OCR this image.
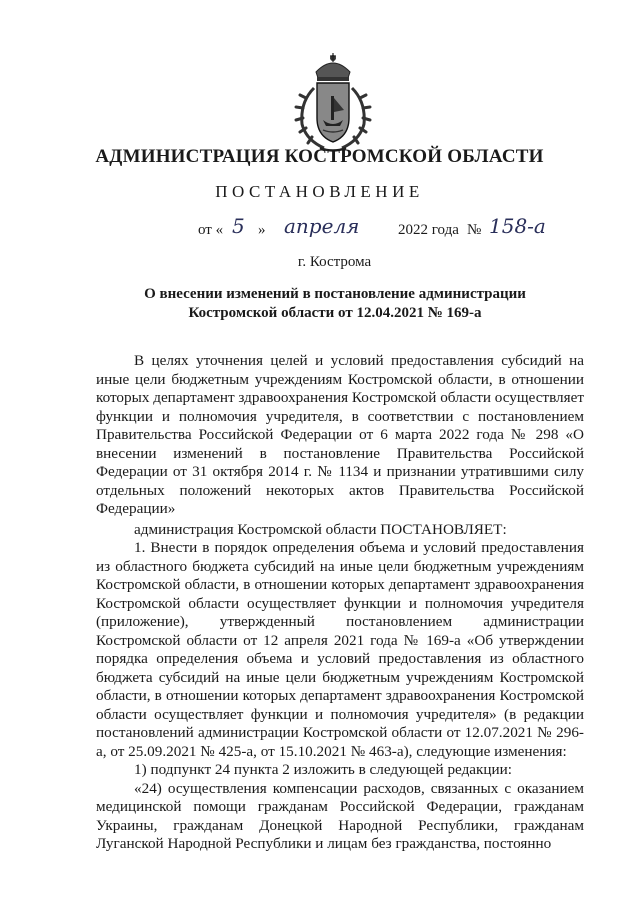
АДМИНИСТРАЦИЯ КОСТРОМСКОЙ ОБЛАСТИ
ПОСТАНОВЛЕНИЕ
от « 5 » апреля	2022 года № 158-а
г. Кострома
О внесении изменений в постановление администрации
Костромской области от 12.04.2021 № 169-а

В целях уточнения целей и условий предоставления субсидий на иные цели бюджетным учреждениям Костромской области, в отношении которых департамент здравоохранения Костромской области осуществляет функции и полномочия учредителя, в соответствии с постановлением Правительства Российской Федерации от 6 марта 2022 года № 298 «О внесении изменений в постановление Правительства Российской Федерации от 31 октября 2014 г. № 1134 и признании утратившими силу отдельных положений некоторых актов Правительства Российской Федерации»

администрация Костромской области ПОСТАНОВЛЯЕТ:

1. Внести в порядок определения объема и условий предоставления из областного бюджета субсидий на иные цели бюджетным учреждениям Костромской области, в отношении которых департамент здравоохранения Костромской области осуществляет функции и полномочия учредителя (приложение), утвержденный постановлением администрации Костромской области от 12 апреля 2021 года № 169-а «Об утверждении порядка определения объема и условий предоставления из областного бюджета субсидий на иные цели бюджетным учреждениям Костромской области, в отношении которых департамент здравоохранения Костромской области осуществляет функции и полномочия учредителя» (в редакции постановлений администрации Костромской области от 12.07.2021 № 296-а, от 25.09.2021 № 425-а, от 15.10.2021 № 463-а), следующие изменения:

1) подпункт 24 пункта 2 изложить в следующей редакции:

«24) осуществления компенсации расходов, связанных с оказанием медицинской помощи гражданам Российской Федерации, гражданам Украины, гражданам Донецкой Народной Республики, гражданам Луганской Народной Республики и лицам без гражданства, постоянно
